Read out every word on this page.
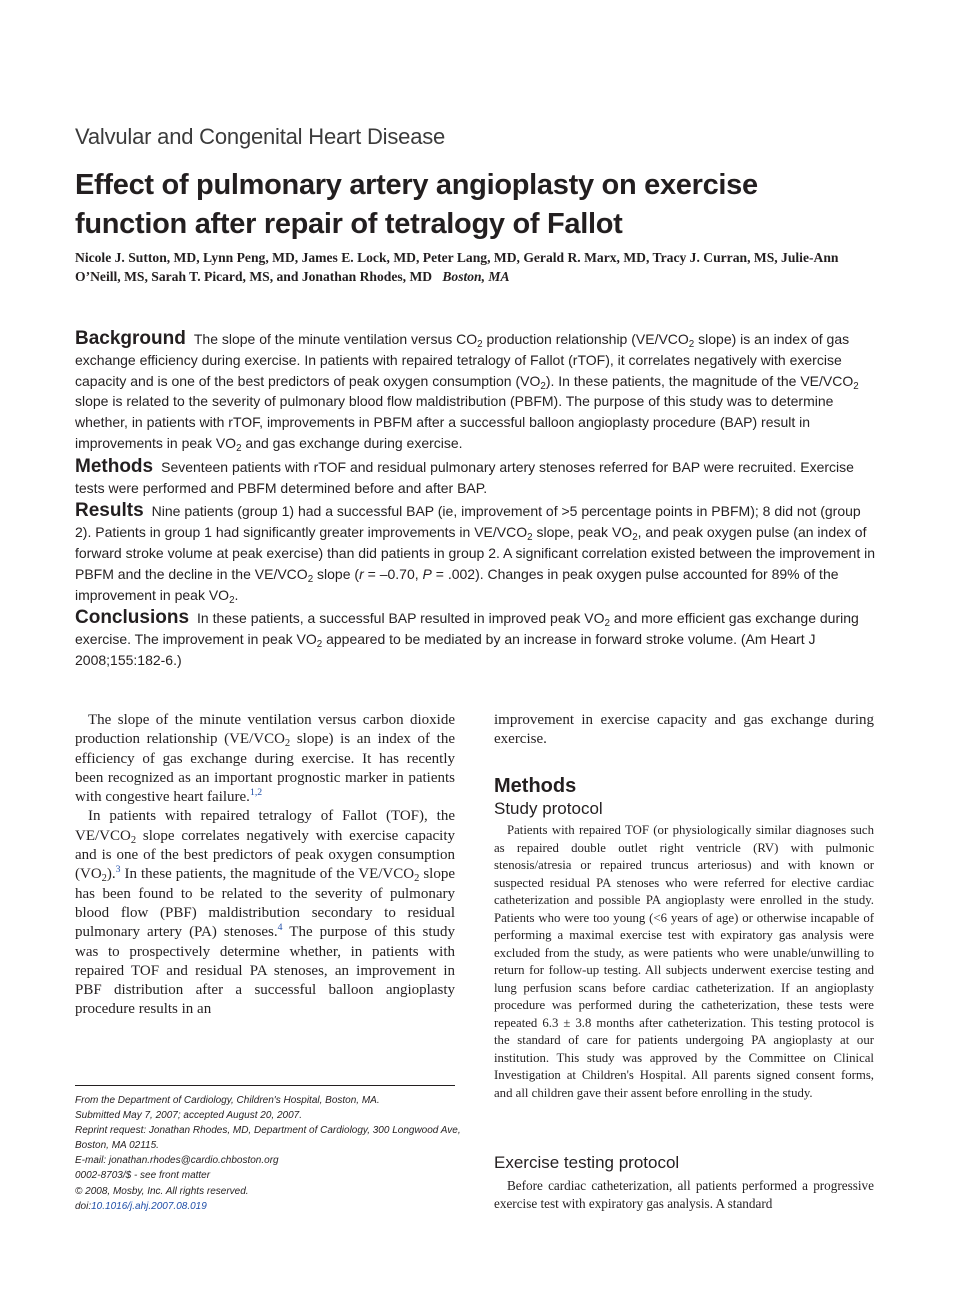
Valvular and Congenital Heart Disease
Effect of pulmonary artery angioplasty on exercise function after repair of tetralogy of Fallot
Nicole J. Sutton, MD, Lynn Peng, MD, James E. Lock, MD, Peter Lang, MD, Gerald R. Marx, MD, Tracy J. Curran, MS, Julie-Ann O’Neill, MS, Sarah T. Picard, MS, and Jonathan Rhodes, MD Boston, MA

Background The slope of the minute ventilation versus $CO_2$ production relationship ($VE/VCO_2$ slope) is an index of gas exchange efficiency during exercise. In patients with repaired tetralogy of Fallot (rTOF), it correlates negatively with exercise capacity and is one of the best predictors of peak oxygen consumption $(VO_2)$. In these patients, the magnitude of the $VE/VCO_2$ slope is related to the severity of pulmonary blood flow maldistribution (PBFM). The purpose of this study was to determine whether, in patients with rTOF, improvements in PBFM after a successful balloon angioplasty procedure (BAP) result in improvements in peak $VO_2$ and gas exchange during exercise.

Methods Seventeen patients with rTOF and residual pulmonary artery stenoses referred for BAP were recruited. Exercise tests were performed and PBFM determined before and after BAP.

Results Nine patients (group 1) had a successful BAP (ie, improvement of >5 percentage points in PBFM); 8 did not (group 2). Patients in group 1 had significantly greater improvements in $VE/VCO_2$ slope, peak $VO_2$, and peak oxygen pulse (an index of forward stroke volume at peak exercise) than did patients in group 2. A significant correlation existed between the improvement in PBFM and the decline in the $VE/VCO_2$ slope (r = –0.70, P = .002). Changes in peak oxygen pulse accounted for 89% of the improvement in peak $VO_2$.

Conclusions In these patients, a successful BAP resulted in improved peak $VO_2$ and more efficient gas exchange during exercise. The improvement in peak $VO_2$ appeared to be mediated by an increase in forward stroke volume. (Am Heart J 2008;155:182-6.)

The slope of the minute ventilation versus carbon dioxide production relationship ($VE/VCO_2$ slope) is an index of the efficiency of gas exchange during exercise. It has recently been recognized as an important prognostic marker in patients with congestive heart failure.$^{1,2}$

In patients with repaired tetralogy of Fallot (TOF), the $VE/VCO_2$ slope correlates negatively with exercise capacity and is one of the best predictors of peak oxygen consumption $(VO_2).^3$ In these patients, the magnitude of the $VE/VCO_2$ slope has been found to be related to the severity of pulmonary blood flow (PBF) maldistribution secondary to residual pulmonary artery (PA) stenoses.$^4$ The purpose of this study was to prospectively determine whether, in patients with repaired TOF and residual PA stenoses, an improvement in PBF distribution after a successful balloon angioplasty procedure results in an

improvement in exercise capacity and gas exchange during exercise.

Methods
Study protocol

Patients with repaired TOF (or physiologically similar diagnoses such as repaired double outlet right ventricle (RV) with pulmonic stenosis/atresia or repaired truncus arteriosus) and with known or suspected residual PA stenoses who were referred for elective cardiac catheterization and possible PA angioplasty were enrolled in the study. Patients who were too young (<6 years of age) or otherwise incapable of performing a maximal exercise test with expiratory gas analysis were excluded from the study, as were patients who were unable/unwilling to return for follow-up testing. All subjects underwent exercise testing and lung perfusion scans before cardiac catheterization. If an angioplasty procedure was performed during the catheterization, these tests were repeated 6.3 ± 3.8 months after catheterization. This testing protocol is the standard of care for patients undergoing PA angioplasty at our institution. This study was approved by the Committee on Clinical Investigation at Children's Hospital. All parents signed consent forms, and all children gave their assent before enrolling in the study.

Exercise testing protocol

Before cardiac catheterization, all patients performed a progressive exercise test with expiratory gas analysis. A standard

From the Department of Cardiology, Children's Hospital, Boston, MA.
Submitted May 7, 2007; accepted August 20, 2007.
Reprint request: Jonathan Rhodes, MD, Department of Cardiology, 300 Longwood Ave,
Boston, MA 02115.
E-mail: jonathan.rhodes@cardio.chboston.org
0002-8703/$ - see front matter
© 2008, Mosby, Inc. All rights reserved.
doi:10.1016/j.ahj.2007.08.019
